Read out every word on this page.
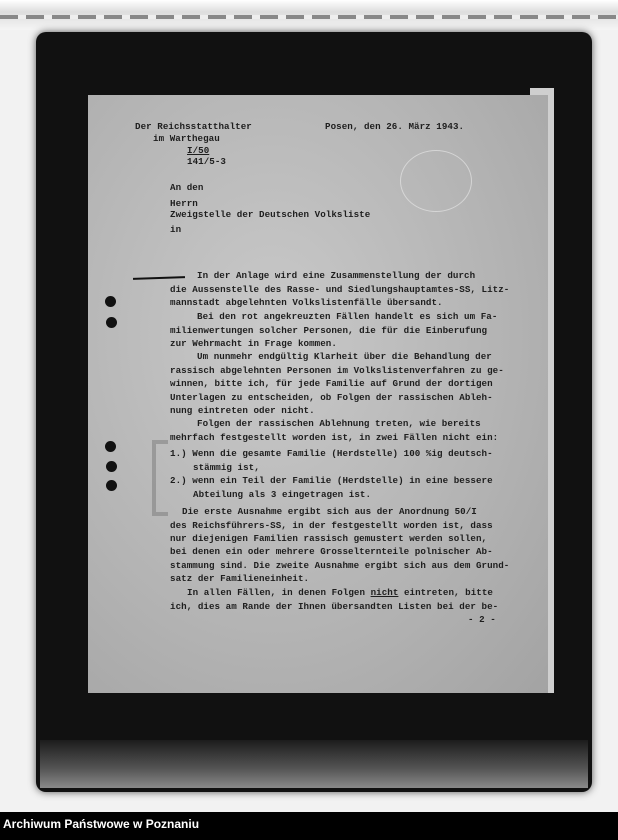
Der Reichsstatthalter
im Warthegau
I/50
141/5-3
Posen, den 26. März 1943.
An den
Herrn
Zweigstelle der Deutschen Volksliste
in
In der Anlage wird eine Zusammenstellung der durch
die Aussenstelle des Rasse- und Siedlungshauptamtes-SS, Litz-
mannstadt abgelehnten Volkslistenfälle übersandt.
Bei den rot angekreuzten Fällen handelt es sich um Fa-
milienwertungen solcher Personen, die für die Einberufung
zur Wehrmacht in Frage kommen.
Um nunmehr endgültig Klarheit über die Behandlung der
rassisch abgelehnten Personen im Volkslistenverfahren zu ge-
winnen, bitte ich, für jede Familie auf Grund der dortigen
Unterlagen zu entscheiden, ob Folgen der rassischen Ableh-
nung eintreten oder nicht.
Folgen der rassischen Ablehnung treten, wie bereits
mehrfach festgestellt worden ist, in zwei Fällen nicht ein:
1.) Wenn die gesamte Familie (Herdstelle) 100 %ig deutsch-
stämmig ist,
2.) wenn ein Teil der Familie (Herdstelle) in eine bessere
Abteilung als 3 eingetragen ist.
Die erste Ausnahme ergibt sich aus der Anordnung 50/I
des Reichsführers-SS, in der festgestellt worden ist, dass
nur diejenigen Familien rassisch gemustert werden sollen,
bei denen ein oder mehrere Grosselternteile polnischer Ab-
stammung sind. Die zweite Ausnahme ergibt sich aus dem Grund-
satz der Familieneinheit.
In allen Fällen, in denen Folgen nicht eintreten, bitte
ich, dies am Rande der Ihnen übersandten Listen bei der be-
- 2 -
Archiwum Państwowe w Poznaniu
